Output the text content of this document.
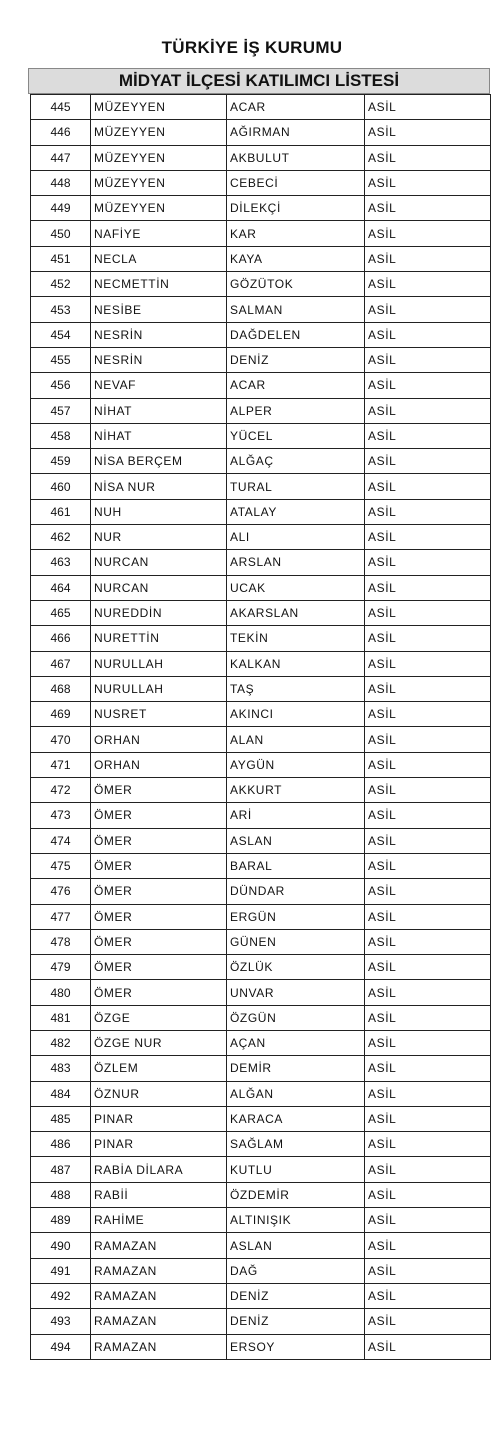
TÜRKİYE İŞ KURUMU
MİDYAT İLÇESİ KATILIMCI LİSTESİ
445	MÜZEYYEN	ACAR	ASİL
446	MÜZEYYEN	AĞIRMAN	ASİL
447	MÜZEYYEN	AKBULUT	ASİL
448	MÜZEYYEN	CEBECİ	ASİL
449	MÜZEYYEN	DİLEKÇİ	ASİL
450	NAFİYE	KAR	ASİL
451	NECLA	KAYA	ASİL
452	NECMETTİN	GÖZÜTOK	ASİL
453	NESİBE	SALMAN	ASİL
454	NESRİN	DAĞDELEN	ASİL
455	NESRİN	DENİZ	ASİL
456	NEVAF	ACAR	ASİL
457	NİHAT	ALPER	ASİL
458	NİHAT	YÜCEL	ASİL
459	NİSA BERÇEM	ALĞAÇ	ASİL
460	NİSA NUR	TURAL	ASİL
461	NUH	ATALAY	ASİL
462	NUR	ALI	ASİL
463	NURCAN	ARSLAN	ASİL
464	NURCAN	UCAK	ASİL
465	NUREDDİN	AKARSLAN	ASİL
466	NURETTİN	TEKİN	ASİL
467	NURULLAH	KALKAN	ASİL
468	NURULLAH	TAŞ	ASİL
469	NUSRET	AKINCI	ASİL
470	ORHAN	ALAN	ASİL
471	ORHAN	AYGÜN	ASİL
472	ÖMER	AKKURT	ASİL
473	ÖMER	ARİ	ASİL
474	ÖMER	ASLAN	ASİL
475	ÖMER	BARAL	ASİL
476	ÖMER	DÜNDAR	ASİL
477	ÖMER	ERGÜN	ASİL
478	ÖMER	GÜNEN	ASİL
479	ÖMER	ÖZLÜK	ASİL
480	ÖMER	UNVAR	ASİL
481	ÖZGE	ÖZGÜN	ASİL
482	ÖZGE NUR	AÇAN	ASİL
483	ÖZLEM	DEMİR	ASİL
484	ÖZNUR	ALĞAN	ASİL
485	PINAR	KARACA	ASİL
486	PINAR	SAĞLAM	ASİL
487	RABİA DİLARA	KUTLU	ASİL
488	RABİİ	ÖZDEMİR	ASİL
489	RAHİME	ALTINIŞIK	ASİL
490	RAMAZAN	ASLAN	ASİL
491	RAMAZAN	DAĞ	ASİL
492	RAMAZAN	DENİZ	ASİL
493	RAMAZAN	DENİZ	ASİL
494	RAMAZAN	ERSOY	ASİL
